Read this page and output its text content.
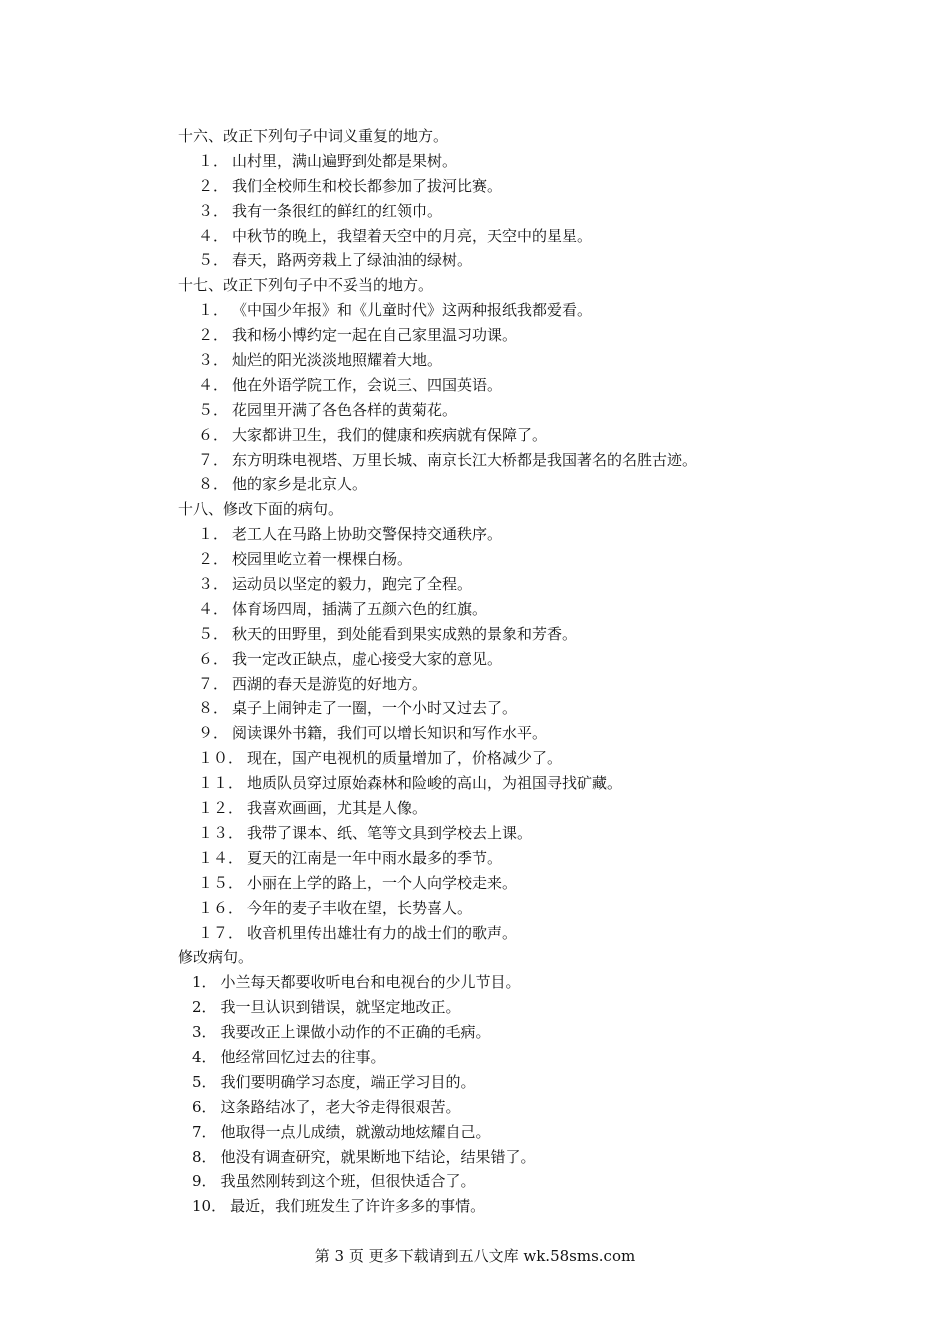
十六、改正下列句子中词义重复的地方。
１． 山村里，满山遍野到处都是果树。
２． 我们全校师生和校长都参加了拔河比赛。
３． 我有一条很红的鲜红的红领巾。
４． 中秋节的晚上，我望着天空中的月亮，天空中的星星。
５． 春天，路两旁栽上了绿油油的绿树。
十七、改正下列句子中不妥当的地方。
１． 《中国少年报》和《儿童时代》这两种报纸我都爱看。
２． 我和杨小博约定一起在自己家里温习功课。
３． 灿烂的阳光淡淡地照耀着大地。
４． 他在外语学院工作，会说三、四国英语。
５． 花园里开满了各色各样的黄菊花。
６． 大家都讲卫生，我们的健康和疾病就有保障了。
７． 东方明珠电视塔、万里长城、南京长江大桥都是我国著名的名胜古迹。
８． 他的家乡是北京人。
十八、修改下面的病句。
１． 老工人在马路上协助交警保持交通秩序。
２． 校园里屹立着一棵棵白杨。
３． 运动员以坚定的毅力，跑完了全程。
４． 体育场四周，插满了五颜六色的红旗。
５． 秋天的田野里，到处能看到果实成熟的景象和芳香。
６． 我一定改正缺点，虚心接受大家的意见。
７． 西湖的春天是游览的好地方。
８． 桌子上闹钟走了一圈，一个小时又过去了。
９． 阅读课外书籍，我们可以增长知识和写作水平。
１０． 现在，国产电视机的质量增加了，价格减少了。
１１． 地质队员穿过原始森林和险峻的高山，为祖国寻找矿藏。
１２． 我喜欢画画，尤其是人像。
１３． 我带了课本、纸、笔等文具到学校去上课。
１４． 夏天的江南是一年中雨水最多的季节。
１５． 小丽在上学的路上，一个人向学校走来。
１６． 今年的麦子丰收在望，长势喜人。
１７． 收音机里传出雄壮有力的战士们的歌声。
修改病句。
1． 小兰每天都要收听电台和电视台的少儿节目。
2． 我一旦认识到错误，就坚定地改正。
3． 我要改正上课做小动作的不正确的毛病。
4． 他经常回忆过去的往事。
5． 我们要明确学习态度，端正学习目的。
6． 这条路结冰了，老大爷走得很艰苦。
7． 他取得一点儿成绩，就激动地炫耀自己。
8． 他没有调查研究，就果断地下结论，结果错了。
9． 我虽然刚转到这个班，但很快适合了。
10． 最近，我们班发生了许许多多的事情。
第 3 页 更多下载请到五八文库 wk.58sms.com
